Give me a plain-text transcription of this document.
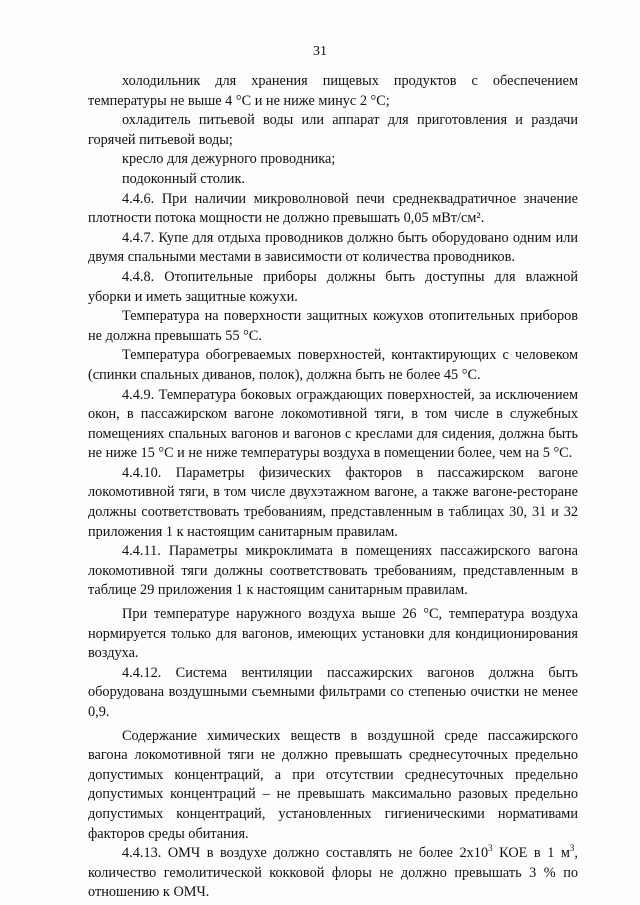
31

холодильник для хранения пищевых продуктов с обеспечением температуры не выше 4 °С и не ниже минус 2 °С;

охладитель питьевой воды или аппарат для приготовления и раздачи горячей питьевой воды;

кресло для дежурного проводника;

подоконный столик.

4.4.6. При наличии микроволновой печи среднеквадратичное значение плотности потока мощности не должно превышать 0,05 мВт/см².

4.4.7. Купе для отдыха проводников должно быть оборудовано одним или двумя спальными местами в зависимости от количества проводников.

4.4.8. Отопительные приборы должны быть доступны для влажной уборки и иметь защитные кожухи.

Температура на поверхности защитных кожухов отопительных приборов не должна превышать 55 °С.

Температура обогреваемых поверхностей, контактирующих с человеком (спинки спальных диванов, полок), должна быть не более 45 °С.

4.4.9. Температура боковых ограждающих поверхностей, за исключением окон, в пассажирском вагоне локомотивной тяги, в том числе в служебных помещениях спальных вагонов и вагонов с креслами для сидения, должна быть не ниже 15 °С и не ниже температуры воздуха в помещении более, чем на 5 °С.

4.4.10. Параметры физических факторов в пассажирском вагоне локомотивной тяги, в том числе двухэтажном вагоне, а также вагоне-ресторане должны соответствовать требованиям, представленным в таблицах 30, 31 и 32 приложения 1 к настоящим санитарным правилам.

4.4.11. Параметры микроклимата в помещениях пассажирского вагона локомотивной тяги должны соответствовать требованиям, представленным в таблице 29 приложения 1 к настоящим санитарным правилам.

При температуре наружного воздуха выше 26 °С, температура воздуха нормируется только для вагонов, имеющих установки для кондиционирования воздуха.

4.4.12. Система вентиляции пассажирских вагонов должна быть оборудована воздушными съемными фильтрами со степенью очистки не менее 0,9.

Содержание химических веществ в воздушной среде пассажирского вагона локомотивной тяги не должно превышать среднесуточных предельно допустимых концентраций, а при отсутствии среднесуточных предельно допустимых концентраций – не превышать максимально разовых предельно допустимых концентраций, установленных гигиеническими нормативами факторов среды обитания.

4.4.13. ОМЧ в воздухе должно составлять не более $2x10^3$ КОЕ в 1 $м^3$, количество гемолитической кокковой флоры не должно превышать 3 % по отношению к ОМЧ.
